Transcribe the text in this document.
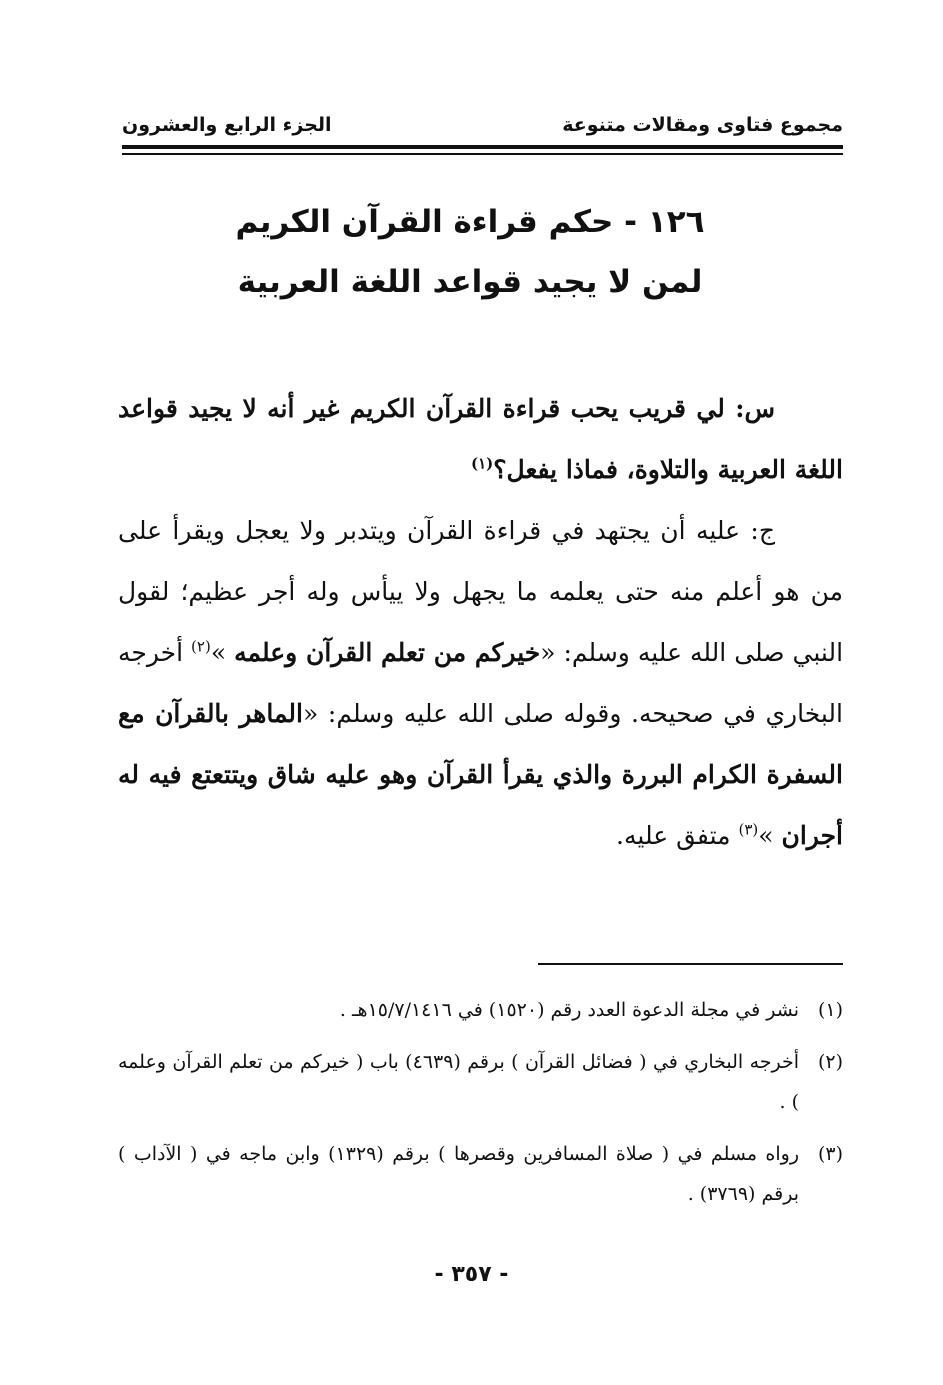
مجموع فتاوى ومقالات متنوعة
الجزء الرابع والعشرون
١٢٦ - حكم قراءة القرآن الكريم
لمن لا يجيد قواعد اللغة العربية

س: لي قريب يحب قراءة القرآن الكريم غير أنه لا يجيد قواعد اللغة العربية والتلاوة، فماذا يفعل؟$^{(١)}$

ج: عليه أن يجتهد في قراءة القرآن ويتدبر ولا يعجل ويقرأ على من هو أعلم منه حتى يعلمه ما يجهل ولا ييأس وله أجر عظيم؛ لقول النبي صلى الله عليه وسلم: «خيركم من تعلم القرآن وعلمه »$^{(٢)}$ أخرجه البخاري في صحيحه. وقوله صلى الله عليه وسلم: «الماهر بالقرآن مع السفرة الكرام البررة والذي يقرأ القرآن وهو عليه شاق ويتتعتع فيه له أجران »$^{(٣)}$ متفق عليه.

(١)نشر في مجلة الدعوة العدد رقم (١٥٢٠) في ١٥/٧/١٤١٦هـ .

(٢)أخرجه البخاري في ( فضائل القرآن ) برقم (٤٦٣٩) باب ( خيركم من تعلم القرآن وعلمه ) .

(٣)رواه مسلم في ( صلاة المسافرين وقصرها ) برقم (١٣٢٩) وابن ماجه في ( الآداب ) برقم (٣٧٦٩) .

- ٣٥٧ -
